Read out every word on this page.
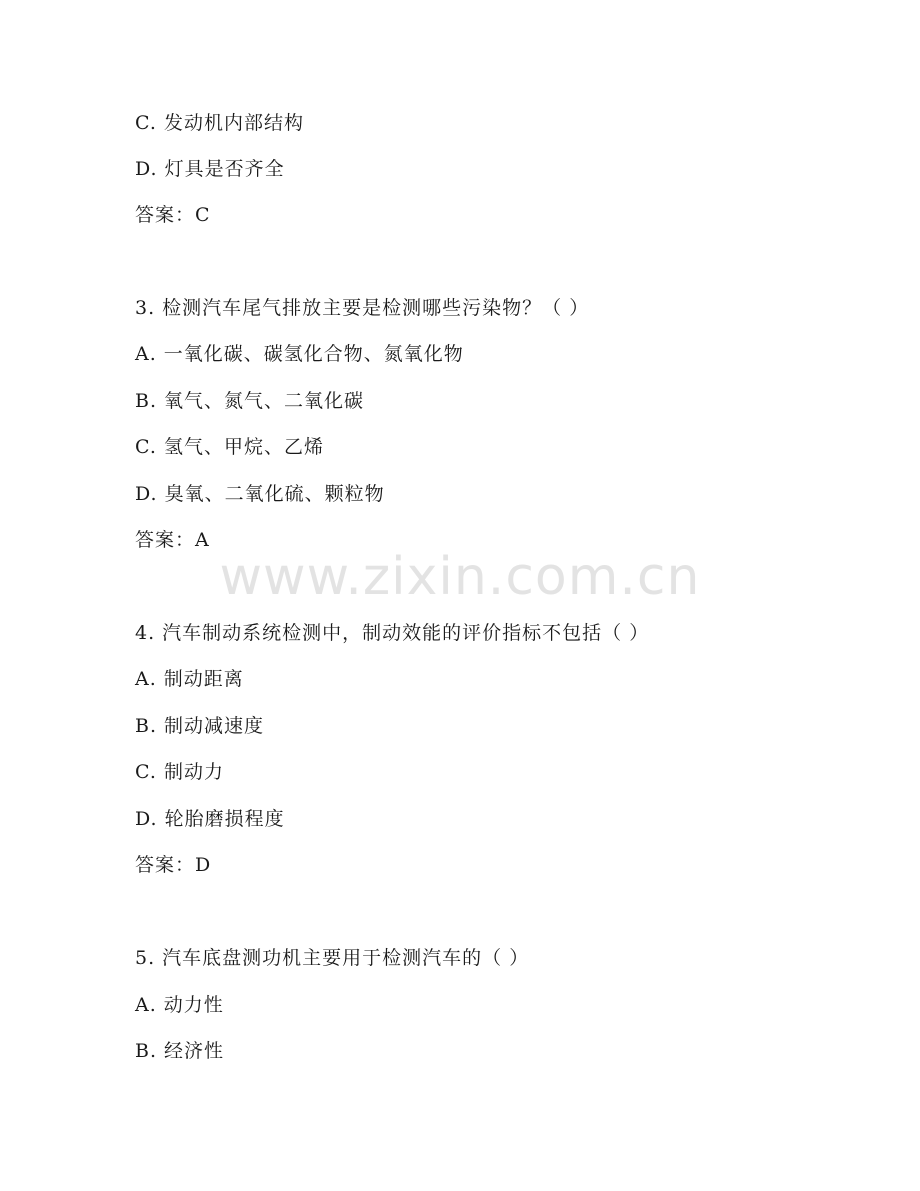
www.zixin.com.cn
C. 发动机内部结构
D. 灯具是否齐全
答案：C
3. 检测汽车尾气排放主要是检测哪些污染物？（ ）
A. 一氧化碳、碳氢化合物、氮氧化物
B. 氧气、氮气、二氧化碳
C. 氢气、甲烷、乙烯
D. 臭氧、二氧化硫、颗粒物
答案：A
4. 汽车制动系统检测中，制动效能的评价指标不包括（ ）
A. 制动距离
B. 制动减速度
C. 制动力
D. 轮胎磨损程度
答案：D
5. 汽车底盘测功机主要用于检测汽车的（ ）
A. 动力性
B. 经济性
